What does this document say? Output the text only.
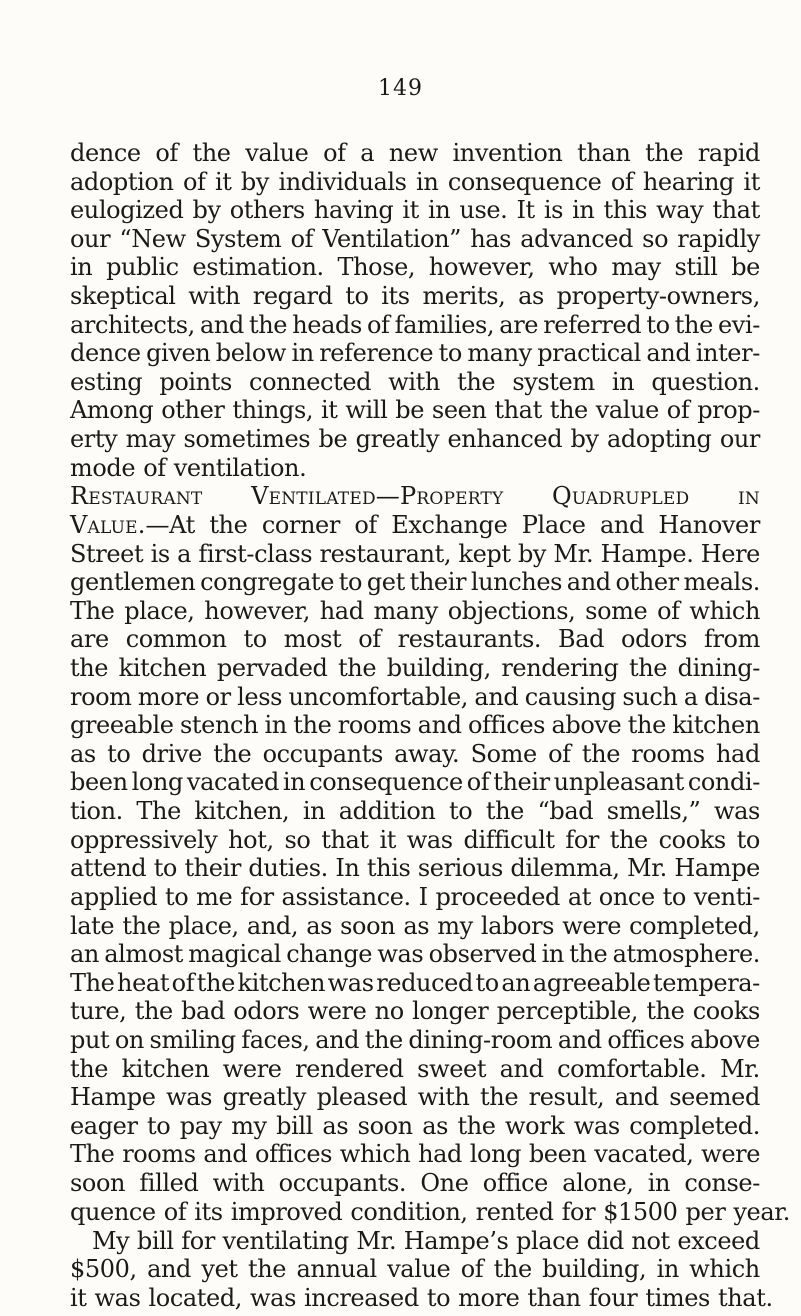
149
dence of the value of a new invention than the rapid
adoption of it by individuals in consequence of hearing it
eulogized by others having it in use. It is in this way that
our “New System of Ventilation” has advanced so rapidly
in public estimation. Those, however, who may still be
skeptical with regard to its merits, as property-owners,
architects, and the heads of families, are referred to the evi-
dence given below in reference to many practical and inter-
esting points connected with the system in question.
Among other things, it will be seen that the value of prop-
erty may sometimes be greatly enhanced by adopting our
mode of ventilation.
Restaurant Ventilated—Property Quadrupled in
Value.—At the corner of Exchange Place and Hanover
Street is a first-class restaurant, kept by Mr. Hampe. Here
gentlemen congregate to get their lunches and other meals.
The place, however, had many objections, some of which
are common to most of restaurants. Bad odors from
the kitchen pervaded the building, rendering the dining-
room more or less uncomfortable, and causing such a disa-
greeable stench in the rooms and offices above the kitchen
as to drive the occupants away. Some of the rooms had
been long vacated in consequence of their unpleasant condi-
tion. The kitchen, in addition to the “bad smells,” was
oppressively hot, so that it was difficult for the cooks to
attend to their duties. In this serious dilemma, Mr. Hampe
applied to me for assistance. I proceeded at once to venti-
late the place, and, as soon as my labors were completed,
an almost magical change was observed in the atmosphere.
The heat of the kitchen was reduced to an agreeable tempera-
ture, the bad odors were no longer perceptible, the cooks
put on smiling faces, and the dining-room and offices above
the kitchen were rendered sweet and comfortable. Mr.
Hampe was greatly pleased with the result, and seemed
eager to pay my bill as soon as the work was completed.
The rooms and offices which had long been vacated, were
soon filled with occupants. One office alone, in conse-
quence of its improved condition, rented for $1500 per year.
My bill for ventilating Mr. Hampe’s place did not exceed
$500, and yet the annual value of the building, in which
it was located, was increased to more than four times that.
